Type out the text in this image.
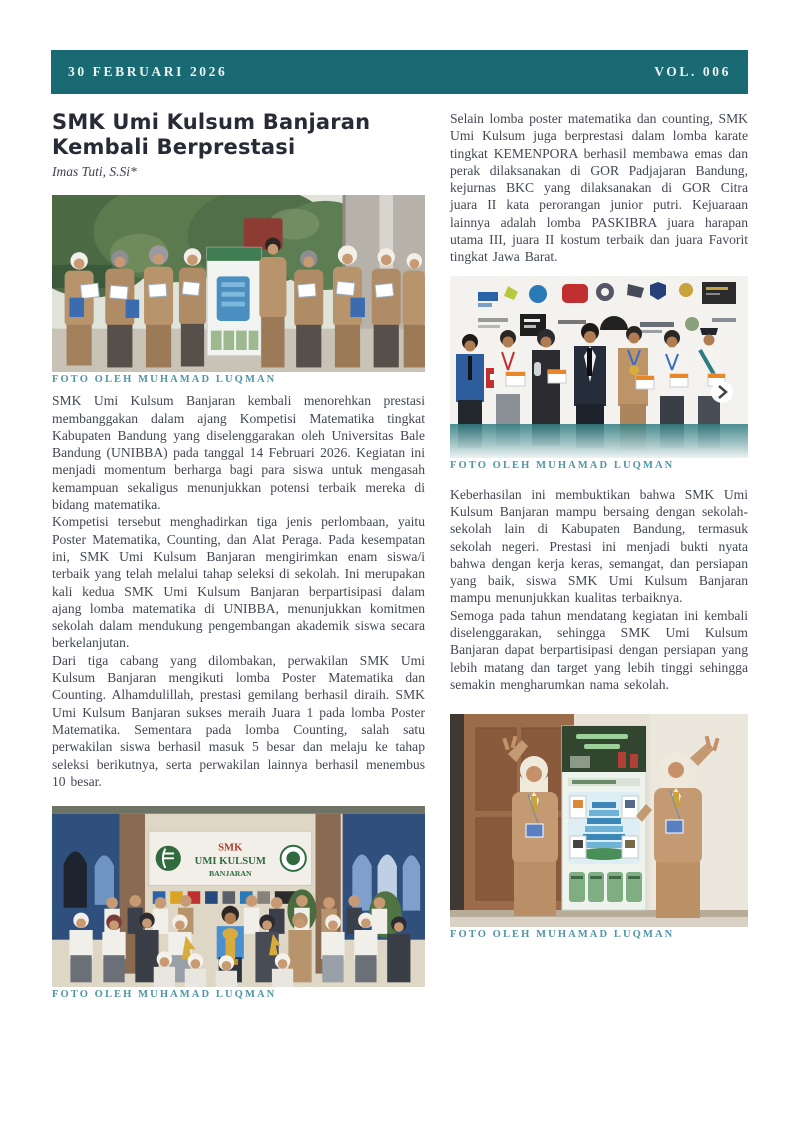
30 FEBRUARI 2026	VOL. 006
SMK Umi Kulsum Banjaran
Kembali Berprestasi
Imas Tuti, S.Si*
FOTO OLEH MUHAMAD LUQMAN

SMK Umi Kulsum Banjaran kembali menorehkan prestasi membanggakan dalam ajang Kompetisi Matematika tingkat Kabupaten Bandung yang diselenggarakan oleh Universitas Bale Bandung (UNIBBA) pada tanggal 14 Februari 2026. Kegiatan ini menjadi momentum berharga bagi para siswa untuk mengasah kemampuan sekaligus menunjukkan potensi terbaik mereka di bidang matematika.

Kompetisi tersebut menghadirkan tiga jenis perlombaan, yaitu Poster Matematika, Counting, dan Alat Peraga. Pada kesempatan ini, SMK Umi Kulsum Banjaran mengirimkan enam siswa/i terbaik yang telah melalui tahap seleksi di sekolah. Ini merupakan kali kedua SMK Umi Kulsum Banjaran berpartisipasi dalam ajang lomba matematika di UNIBBA, menunjukkan komitmen sekolah dalam mendukung pengembangan akademik siswa secara berkelanjutan.

Dari tiga cabang yang dilombakan, perwakilan SMK Umi Kulsum Banjaran mengikuti lomba Poster Matematika dan Counting. Alhamdulillah, prestasi gemilang berhasil diraih. SMK Umi Kulsum Banjaran sukses meraih Juara 1 pada lomba Poster Matematika. Sementara pada lomba Counting, salah satu perwakilan siswa berhasil masuk 5 besar dan melaju ke tahap seleksi berikutnya, serta perwakilan lainnya berhasil menembus 10 besar.

SMK
UMI KULSUM
BANJARAN
FOTO OLEH MUHAMAD LUQMAN

Selain lomba poster matematika dan counting, SMK Umi Kulsum juga berprestasi dalam lomba karate tingkat KEMENPORA berhasil membawa emas dan perak dilaksanakan di GOR Padjajaran Bandung, kejurnas BKC yang dilaksanakan di GOR Citra juara II kata perorangan junior putri. Kejuaraan lainnya adalah lomba PASKIBRA juara harapan utama III, juara II kostum terbaik dan juara Favorit tingkat Jawa Barat.

FOTO OLEH MUHAMAD LUQMAN

Keberhasilan ini membuktikan bahwa SMK Umi Kulsum Banjaran mampu bersaing dengan sekolah-sekolah lain di Kabupaten Bandung, termasuk sekolah negeri. Prestasi ini menjadi bukti nyata bahwa dengan kerja keras, semangat, dan persiapan yang baik, siswa SMK Umi Kulsum Banjaran mampu menunjukkan kualitas terbaiknya.

Semoga pada tahun mendatang kegiatan ini kembali diselenggarakan, sehingga SMK Umi Kulsum Banjaran dapat berpartisipasi dengan persiapan yang lebih matang dan target yang lebih tinggi sehingga semakin mengharumkan nama sekolah.

FOTO OLEH MUHAMAD LUQMAN
